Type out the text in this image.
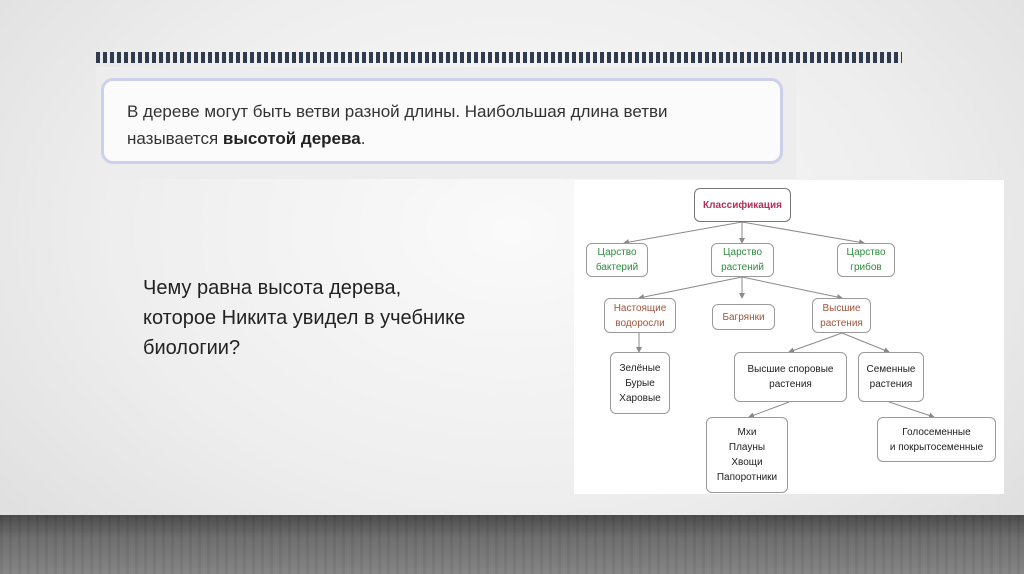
В дереве могут быть ветви разной длины. Наибольшая длина ветви
называется высотой дерева.
Чему равна высота дерева, которое Никита увидел в учебнике биологии?
Классификация
Царство
бактерий
Царство
растений
Царство
грибов
Настоящие
водоросли
Багрянки
Высшие
растения
Зелёные
Бурые
Харовые
Высшие споровые
растения
Семенные
растения
Мхи
Плауны
Хвощи
Папоротники
Голосеменные
и покрытосеменные
